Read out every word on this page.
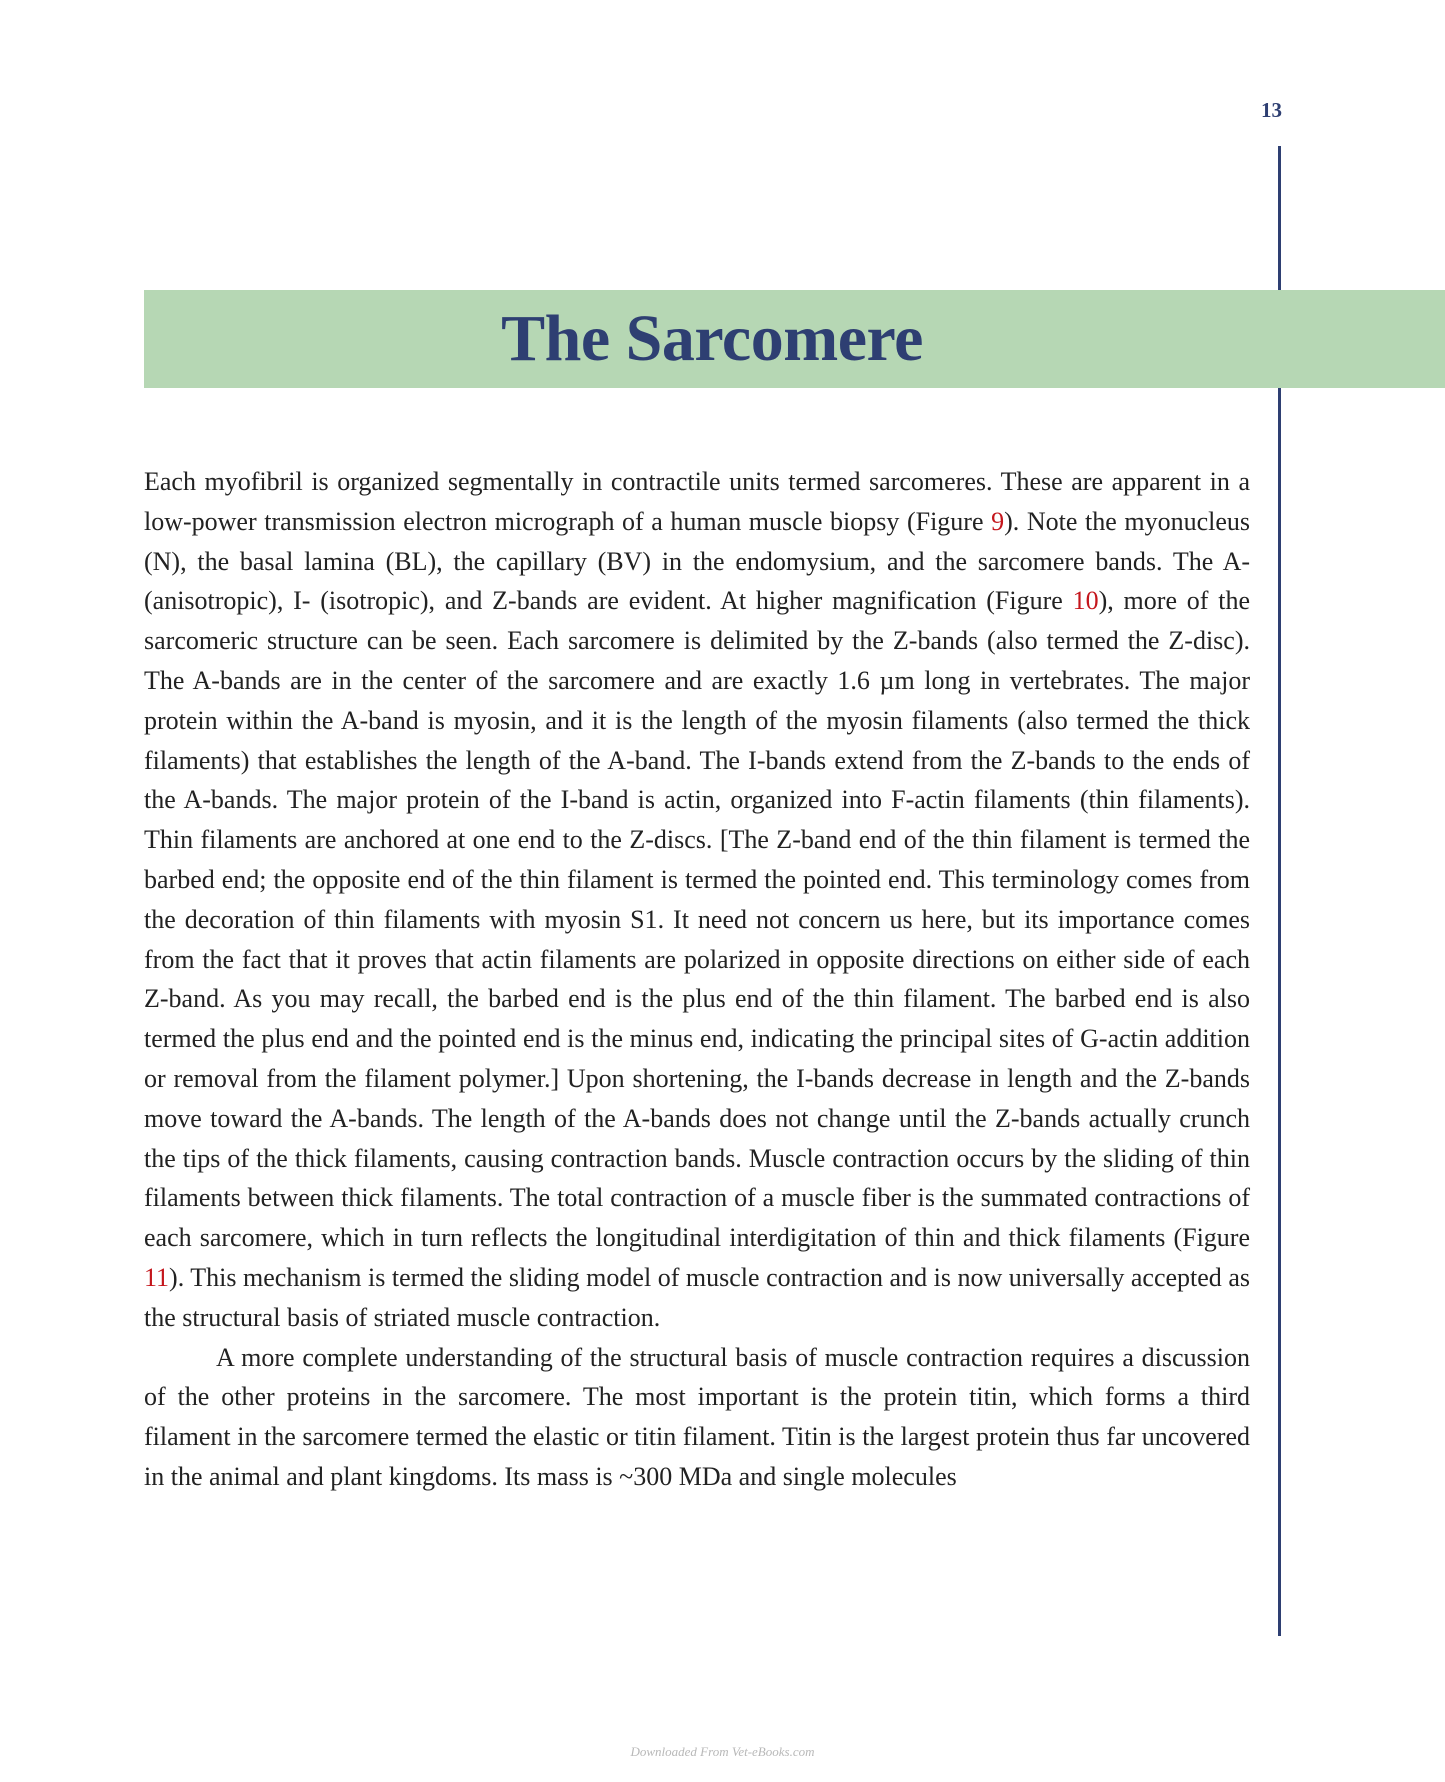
13
The Sarcomere

Each myofibril is organized segmentally in contractile units termed sarcomeres. These are apparent in a low-power transmission electron micrograph of a human muscle biopsy (Figure 9). Note the myonucleus (N), the basal lamina (BL), the capillary (BV) in the endomysium, and the sarcomere bands. The A- (anisotropic), I- (isotropic), and Z-bands are evident. At higher magnification (Figure 10), more of the sarcomeric structure can be seen. Each sarcomere is delimited by the Z-bands (also termed the Z-disc). The A-bands are in the center of the sarcomere and are exactly 1.6 µm long in vertebrates. The major protein within the A-band is myosin, and it is the length of the myosin filaments (also termed the thick filaments) that establishes the length of the A-band. The I-bands extend from the Z-bands to the ends of the A-bands. The major protein of the I-band is actin, organized into F-actin filaments (thin filaments). Thin filaments are anchored at one end to the Z-discs. [The Z-band end of the thin filament is termed the barbed end; the opposite end of the thin filament is termed the pointed end. This terminology comes from the decoration of thin filaments with myosin S1. It need not concern us here, but its importance comes from the fact that it proves that actin filaments are polarized in opposite directions on either side of each Z-band. As you may recall, the barbed end is the plus end of the thin filament. The barbed end is also termed the plus end and the pointed end is the minus end, indicating the principal sites of G-actin addition or removal from the filament polymer.] Upon shortening, the I-bands decrease in length and the Z-bands move toward the A-bands. The length of the A-bands does not change until the Z-bands actually crunch the tips of the thick filaments, causing contraction bands. Muscle contraction occurs by the sliding of thin filaments between thick filaments. The total contraction of a muscle fiber is the summated contractions of each sarcomere, which in turn reflects the longitudinal interdigitation of thin and thick filaments (Figure 11). This mechanism is termed the sliding model of muscle contraction and is now universally accepted as the structural basis of striated muscle contraction.

A more complete understanding of the structural basis of muscle contraction requires a discussion of the other proteins in the sarcomere. The most important is the protein titin, which forms a third filament in the sarcomere termed the elastic or titin filament. Titin is the largest protein thus far uncovered in the animal and plant kingdoms. Its mass is ~300 MDa and single molecules

Downloaded From Vet-eBooks.com
